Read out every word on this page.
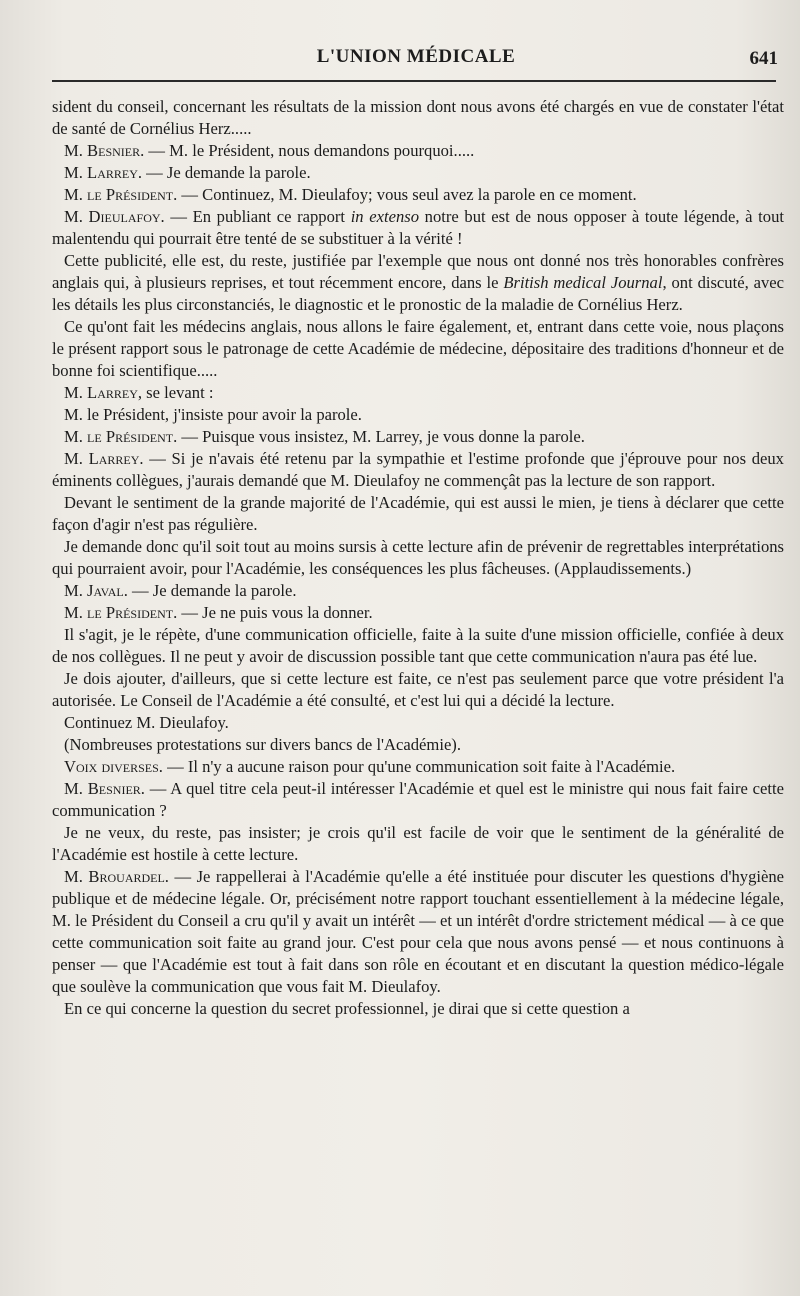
L'UNION MÉDICALE	641

sident du conseil, concernant les résultats de la mission dont nous avons été chargés en vue de constater l'état de santé de Cornélius Herz.....

M. Besnier. — M. le Président, nous demandons pourquoi.....

M. Larrey. — Je demande la parole.

M. le Président. — Continuez, M. Dieulafoy; vous seul avez la parole en ce moment.

M. Dieulafoy. — En publiant ce rapport in extenso notre but est de nous opposer à toute légende, à tout malentendu qui pourrait être tenté de se substituer à la vérité !

Cette publicité, elle est, du reste, justifiée par l'exemple que nous ont donné nos très honorables confrères anglais qui, à plusieurs reprises, et tout récemment encore, dans le British medical Journal, ont discuté, avec les détails les plus circonstanciés, le diagnostic et le pronostic de la maladie de Cornélius Herz.

Ce qu'ont fait les médecins anglais, nous allons le faire également, et, entrant dans cette voie, nous plaçons le présent rapport sous le patronage de cette Académie de médecine, dépositaire des traditions d'honneur et de bonne foi scientifique.....

M. Larrey, se levant :

M. le Président, j'insiste pour avoir la parole.

M. le Président. — Puisque vous insistez, M. Larrey, je vous donne la parole.

M. Larrey. — Si je n'avais été retenu par la sympathie et l'estime profonde que j'éprouve pour nos deux éminents collègues, j'aurais demandé que M. Dieulafoy ne commençât pas la lecture de son rapport.

Devant le sentiment de la grande majorité de l'Académie, qui est aussi le mien, je tiens à déclarer que cette façon d'agir n'est pas régulière.

Je demande donc qu'il soit tout au moins sursis à cette lecture afin de prévenir de regrettables interprétations qui pourraient avoir, pour l'Académie, les conséquences les plus fâcheuses. (Applaudissements.)

M. Javal. — Je demande la parole.

M. le Président. — Je ne puis vous la donner.

Il s'agit, je le répète, d'une communication officielle, faite à la suite d'une mission officielle, confiée à deux de nos collègues. Il ne peut y avoir de discussion possible tant que cette communication n'aura pas été lue.

Je dois ajouter, d'ailleurs, que si cette lecture est faite, ce n'est pas seulement parce que votre président l'a autorisée. Le Conseil de l'Académie a été consulté, et c'est lui qui a décidé la lecture.

Continuez M. Dieulafoy.

(Nombreuses protestations sur divers bancs de l'Académie).

Voix diverses. — Il n'y a aucune raison pour qu'une communication soit faite à l'Académie.

M. Besnier. — A quel titre cela peut-il intéresser l'Académie et quel est le ministre qui nous fait faire cette communication ?

Je ne veux, du reste, pas insister; je crois qu'il est facile de voir que le sentiment de la généralité de l'Académie est hostile à cette lecture.

M. Brouardel. — Je rappellerai à l'Académie qu'elle a été instituée pour discuter les questions d'hygiène publique et de médecine légale. Or, précisément notre rapport touchant essentiellement à la médecine légale, M. le Président du Conseil a cru qu'il y avait un intérêt — et un intérêt d'ordre strictement médical — à ce que cette communication soit faite au grand jour. C'est pour cela que nous avons pensé — et nous continuons à penser — que l'Académie est tout à fait dans son rôle en écoutant et en discutant la question médico-légale que soulève la communication que vous fait M. Dieulafoy.

En ce qui concerne la question du secret professionnel, je dirai que si cette question a
